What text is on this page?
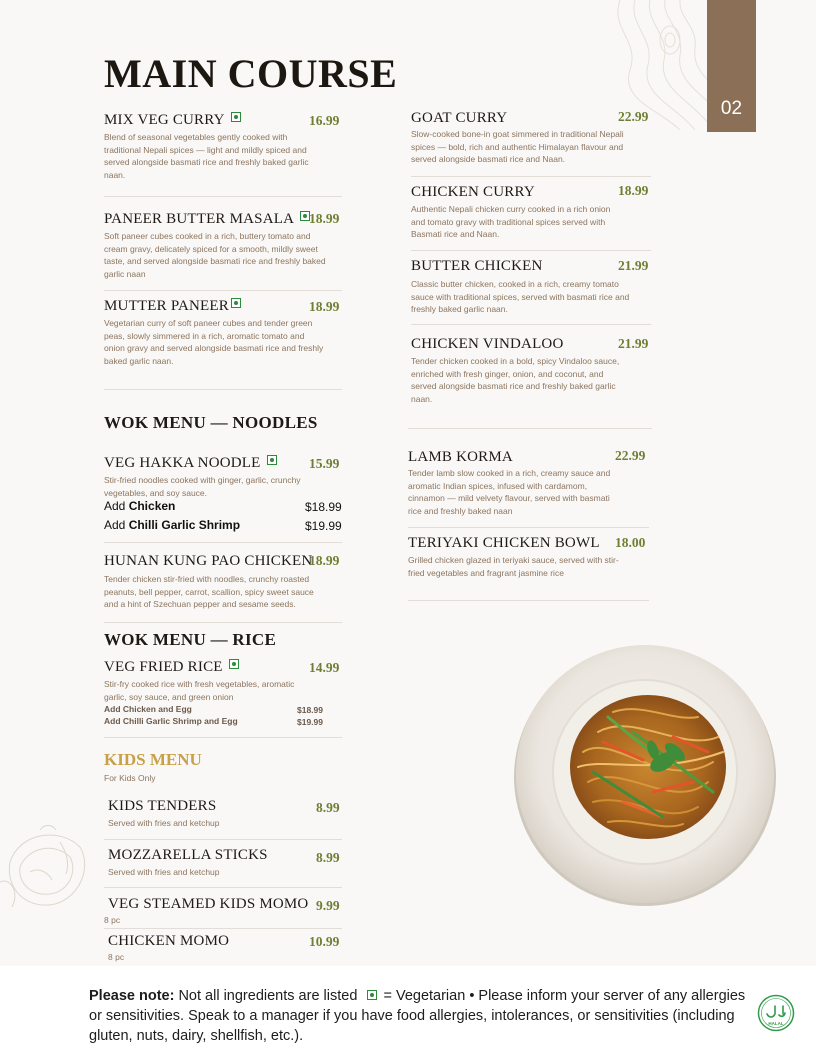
02
MAIN COURSE
MIX VEG CURRY	16.99
Blend of seasonal vegetables gently cooked with traditional Nepali spices — light and mildly spiced and served alongside basmati rice and freshly baked garlic naan.
PANEER BUTTER MASALA	18.99
Soft paneer cubes cooked in a rich, buttery tomato and cream gravy, delicately spiced for a smooth, mildly sweet taste, and served alongside basmati rice and freshly baked garlic naan
MUTTER PANEER	18.99
Vegetarian curry of soft paneer cubes and tender green peas, slowly simmered in a rich, aromatic tomato and onion gravy and served alongside basmati rice and freshly baked garlic naan.
GOAT CURRY	22.99
Slow-cooked bone-in goat simmered in traditional Nepali spices — bold, rich and authentic Himalayan flavour and served alongside basmati rice and Naan.
CHICKEN CURRY	18.99
Authentic Nepali chicken curry cooked in a rich onion and tomato gravy with traditional spices served with Basmati rice and Naan.
BUTTER CHICKEN	21.99
Classic butter chicken, cooked in a rich, creamy tomato sauce with traditional spices, served with basmati rice and freshly baked garlic naan.
CHICKEN VINDALOO	21.99
Tender chicken cooked in a bold, spicy Vindaloo sauce, enriched with fresh ginger, onion, and coconut, and served alongside basmati rice and freshly baked garlic naan.
LAMB KORMA	22.99
Tender lamb slow cooked in a rich, creamy sauce and aromatic Indian spices, infused with cardamom, cinnamon — mild velvety flavour, served with basmati rice and freshly baked naan
TERIYAKI CHICKEN BOWL 18.00
Grilled chicken glazed in teriyaki sauce, served with stir-fried vegetables and fragrant jasmine rice
WOK MENU — NOODLES
VEG HAKKA NOODLE	15.99
Stir-fried noodles cooked with ginger, garlic, crunchy vegetables, and soy sauce.
Add Chicken	$18.99
Add Chilli Garlic Shrimp	$19.99
HUNAN KUNG PAO CHICKEN
18.99
Tender chicken stir-fried with noodles, crunchy roasted peanuts, bell pepper, carrot, scallion, spicy sweet sauce and a hint of Szechuan pepper and sesame seeds.
WOK MENU — RICE
VEG FRIED RICE	14.99
Stir-fry cooked rice with fresh vegetables, aromatic garlic, soy sauce, and green onion
Add Chicken and Egg	$18.99
Add Chilli Garlic Shrimp and Egg	$19.99
KIDS MENU
For Kids Only
KIDS TENDERS	8.99
Served with fries and ketchup
MOZZARELLA STICKS	8.99
Served with fries and ketchup
VEG STEAMED KIDS MOMO 9.99
8 pc
CHICKEN MOMO	10.99
8 pc
Please note: Not all ingredients are listed = Vegetarian • Please inform your server of any allergies or sensitivities. Speak to a manager if you have food allergies, intolerances, or sensitivities (including gluten, nuts, dairy, shellfish, etc.).
HALAL
